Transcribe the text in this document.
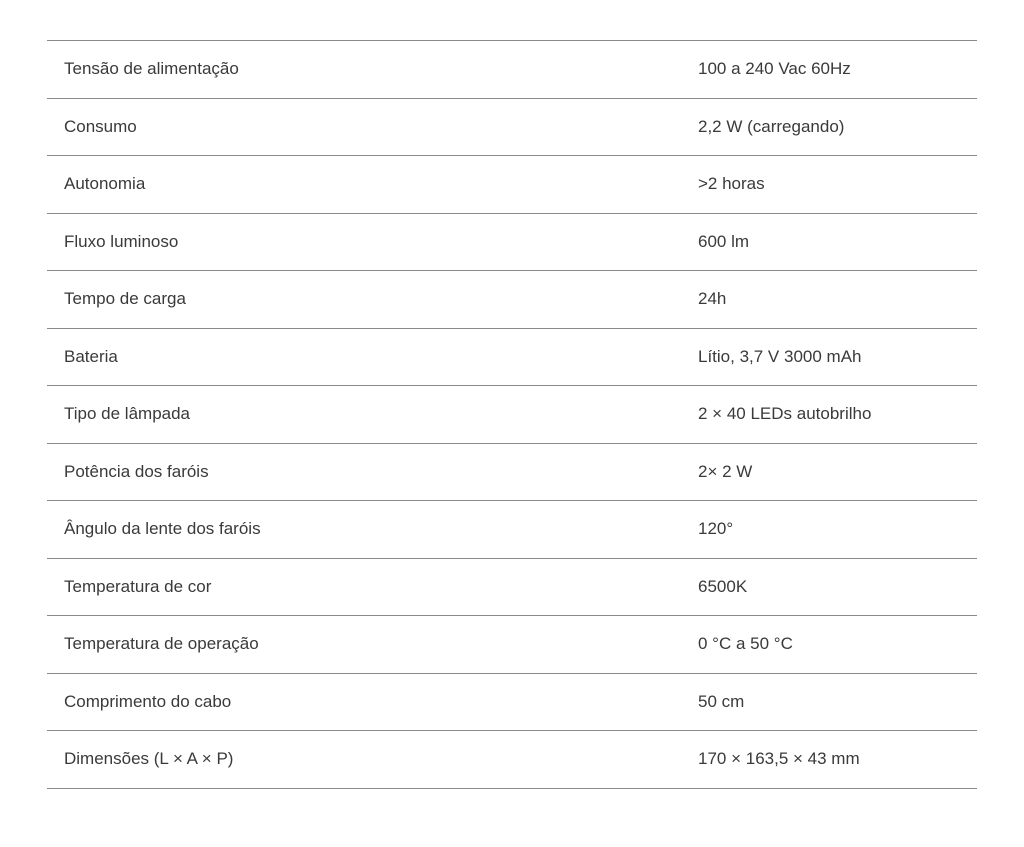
Tensão de alimentação	100 a 240 Vac 60Hz
Consumo	2,2 W (carregando)
Autonomia	>2 horas
Fluxo luminoso	600 lm
Tempo de carga	24h
Bateria	Lítio, 3,7 V 3000 mAh
Tipo de lâmpada	2 × 40 LEDs autobrilho
Potência dos faróis	2× 2 W
Ângulo da lente dos faróis	120°
Temperatura de cor	6500K
Temperatura de operação	0 °C a 50 °C
Comprimento do cabo	50 cm
Dimensões (L × A × P)	170 × 163,5 × 43 mm
